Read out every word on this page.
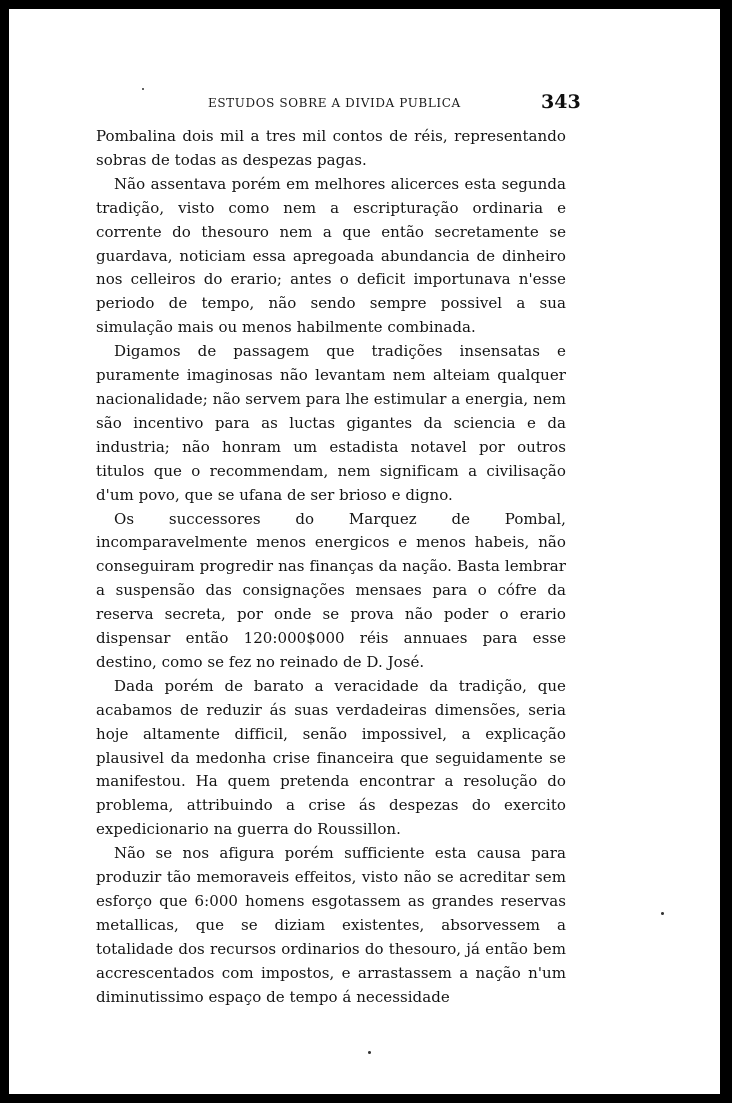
ESTUDOS SOBRE A DIVIDA PUBLICA	343

Pombalina dois mil a tres mil contos de réis, representando sobras de todas as despezas pagas.

Não assentava porém em melhores alicerces esta segunda tradição, visto como nem a escripturação ordinaria e corrente do thesouro nem a que então secretamente se guardava, noticiam essa apregoada abundancia de dinheiro nos celleiros do erario; antes o deficit importunava n'esse periodo de tempo, não sendo sempre possivel a sua simulação mais ou menos habilmente combinada.

Digamos de passagem que tradições insensatas e puramente imaginosas não levantam nem alteiam qualquer nacionalidade; não servem para lhe estimular a energia, nem são incentivo para as luctas gigantes da sciencia e da industria; não honram um estadista notavel por outros titulos que o recommendam, nem significam a civilisação d'um povo, que se ufana de ser brioso e digno.

Os successores do Marquez de Pombal, incomparavelmente menos energicos e menos habeis, não conseguiram progredir nas finanças da nação. Basta lembrar a suspensão das consignações mensaes para o cófre da reserva secreta, por onde se prova não poder o erario dispensar então 120:000$000 réis annuaes para esse destino, como se fez no reinado de D. José.

Dada porém de barato a veracidade da tradição, que acabamos de reduzir ás suas verdadeiras dimensões, seria hoje altamente difficil, senão impossivel, a explicação plausivel da medonha crise financeira que seguidamente se manifestou. Ha quem pretenda encontrar a resolução do problema, attribuindo a crise ás despezas do exercito expedicionario na guerra do Roussillon.

Não se nos afigura porém sufficiente esta causa para produzir tão memoraveis effeitos, visto não se acreditar sem esforço que 6:000 homens esgotassem as grandes reservas metallicas, que se diziam existentes, absorvessem a totalidade dos recursos ordinarios do thesouro, já então bem accrescentados com impostos, e arrastassem a nação n'um diminutissimo espaço de tempo á necessidade
